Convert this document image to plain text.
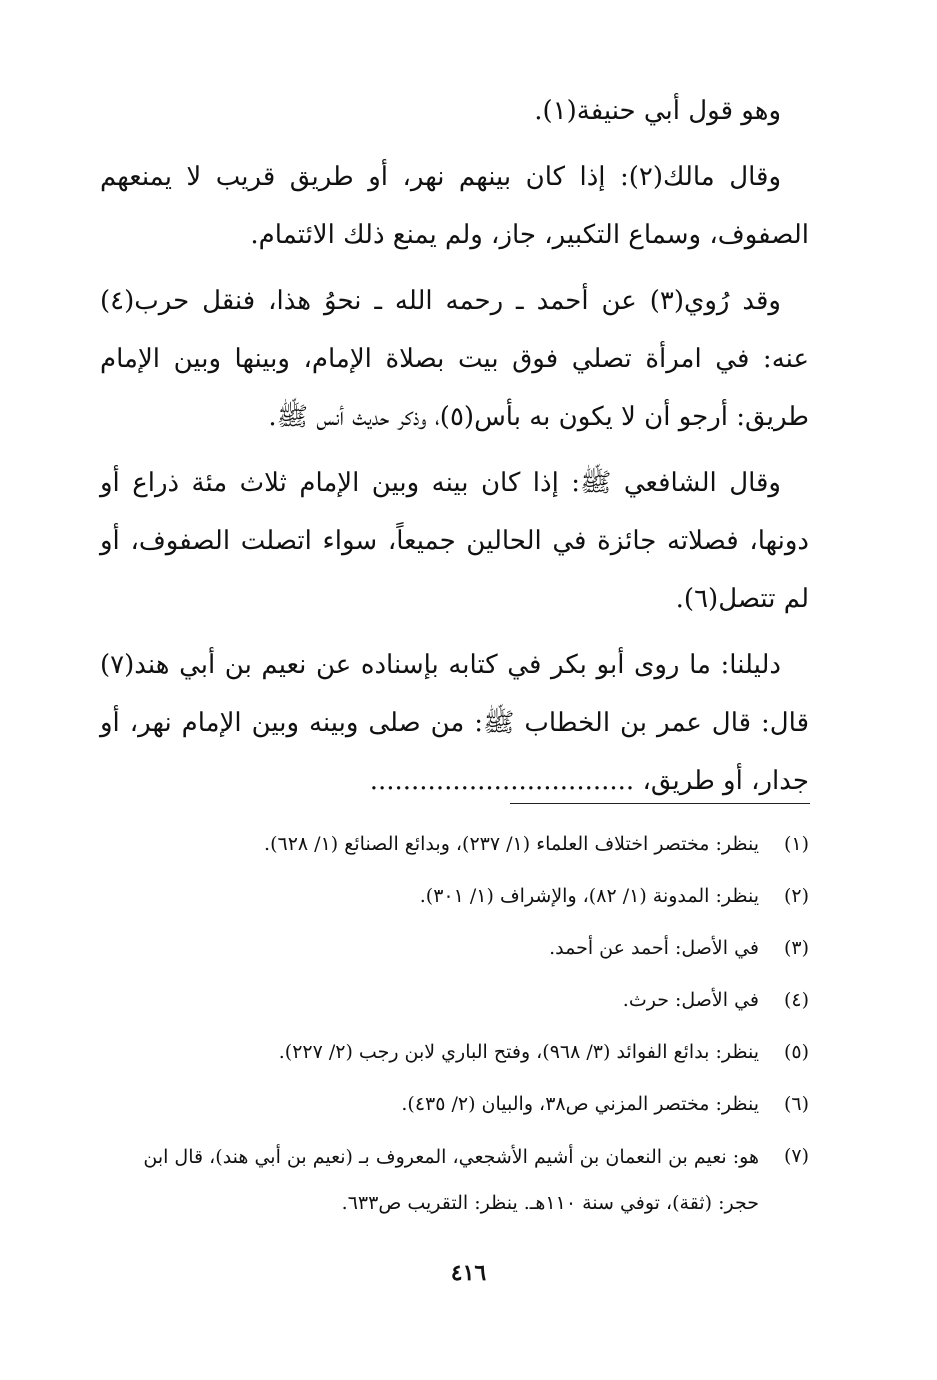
وهو قول أبي حنيفة(١).

وقال مالك(٢): إذا كان بينهم نهر، أو طريق قريب لا يمنعهم الصفوف، وسماع التكبير، جاز، ولم يمنع ذلك الائتمام.

وقد رُوي(٣) عن أحمد ـ رحمه الله ـ نحوُ هذا، فنقل حرب(٤) عنه: في امرأة تصلي فوق بيت بصلاة الإمام، وبينها وبين الإمام طريق: أرجو أن لا يكون به بأس(٥)، وذكر حديث أنس ﷺ.

وقال الشافعي ﷺ: إذا كان بينه وبين الإمام ثلاث مئة ذراع أو دونها، فصلاته جائزة في الحالين جميعاً، سواء اتصلت الصفوف، أو لم تتصل(٦).

دليلنا: ما روى أبو بكر في كتابه بإسناده عن نعيم بن أبي هند(٧) قال: قال عمر بن الخطاب ﷺ: من صلى وبينه وبين الإمام نهر، أو جدار، أو طريق، ................................

(١)
ينظر: مختصر اختلاف العلماء (١/ ٢٣٧)، وبدائع الصنائع (١/ ٦٢٨).
(٢)
ينظر: المدونة (١/ ٨٢)، والإشراف (١/ ٣٠١).
(٣)
في الأصل: أحمد عن أحمد.
(٤)
في الأصل: حرث.
(٥)
ينظر: بدائع الفوائد (٣/ ٩٦٨)، وفتح الباري لابن رجب (٢/ ٢٢٧).
(٦)
ينظر: مختصر المزني ص٣٨، والبيان (٢/ ٤٣٥).
(٧)
هو: نعيم بن النعمان بن أشيم الأشجعي، المعروف بـ (نعيم بن أبي هند)، قال ابن حجر: (ثقة)، توفي سنة ١١٠هـ. ينظر: التقريب ص٦٣٣.
٤١٦
